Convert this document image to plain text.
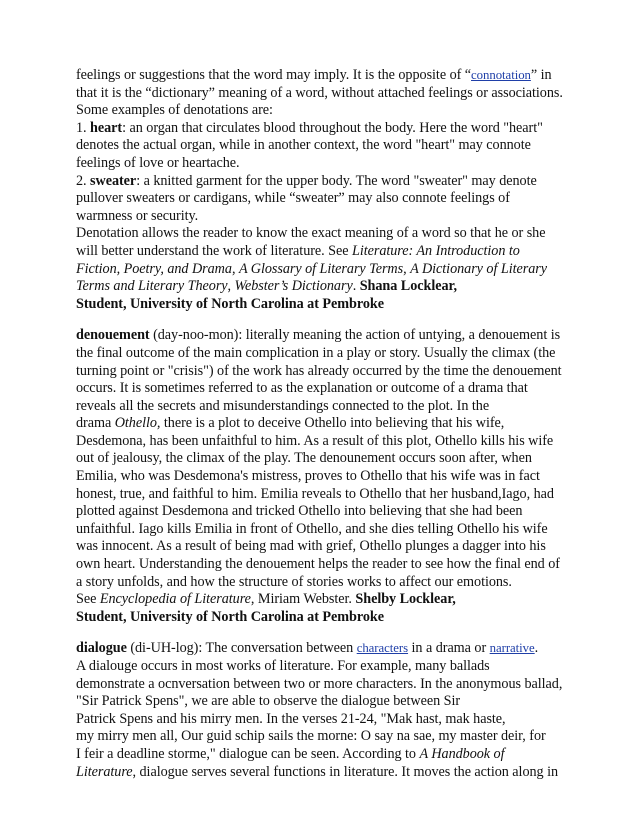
feelings or suggestions that the word may imply. It is the opposite of “connotation” in
that it is the “dictionary” meaning of a word, without attached feelings or associations.
Some examples of denotations are:
1. heart: an organ that circulates blood throughout the body. Here the word "heart"
denotes the actual organ, while in another context, the word "heart" may connote
feelings of love or heartache.
2. sweater: a knitted garment for the upper body. The word "sweater" may denote
pullover sweaters or cardigans, while “sweater” may also connote feelings of
warmness or security.
Denotation allows the reader to know the exact meaning of a word so that he or she
will better understand the work of literature. See Literature: An Introduction to
Fiction, Poetry, and Drama, A Glossary of Literary Terms, A Dictionary of Literary
Terms and Literary Theory, Webster’s Dictionary. Shana Locklear,
Student, University of North Carolina at Pembroke
denouement (day-noo-mon): literally meaning the action of untying, a denouement is
the final outcome of the main complication in a play or story. Usually the climax (the
turning point or "crisis") of the work has already occurred by the time the denouement
occurs. It is sometimes referred to as the explanation or outcome of a drama that
reveals all the secrets and misunderstandings connected to the plot. In the
drama Othello, there is a plot to deceive Othello into believing that his wife,
Desdemona, has been unfaithful to him. As a result of this plot, Othello kills his wife
out of jealousy, the climax of the play. The denounement occurs soon after, when
Emilia, who was Desdemona's mistress, proves to Othello that his wife was in fact
honest, true, and faithful to him. Emilia reveals to Othello that her husband,Iago, had
plotted against Desdemona and tricked Othello into believing that she had been
unfaithful. Iago kills Emilia in front of Othello, and she dies telling Othello his wife
was innocent. As a result of being mad with grief, Othello plunges a dagger into his
own heart. Understanding the denouement helps the reader to see how the final end of
a story unfolds, and how the structure of stories works to affect our emotions.
See Encyclopedia of Literature, Miriam Webster. Shelby Locklear,
Student, University of North Carolina at Pembroke
dialogue (di-UH-log): The conversation between characters in a drama or narrative.
A dialouge occurs in most works of literature. For example, many ballads
demonstrate a ocnversation between two or more characters. In the anonymous ballad,
"Sir Patrick Spens", we are able to observe the dialogue between Sir
Patrick Spens and his mirry men. In the verses 21-24, "Mak hast, mak haste,
my mirry men all, Our guid schip sails the morne: O say na sae, my master deir, for
I feir a deadline storme," dialogue can be seen. According to A Handbook of
Literature, dialogue serves several functions in literature. It moves the action along in
